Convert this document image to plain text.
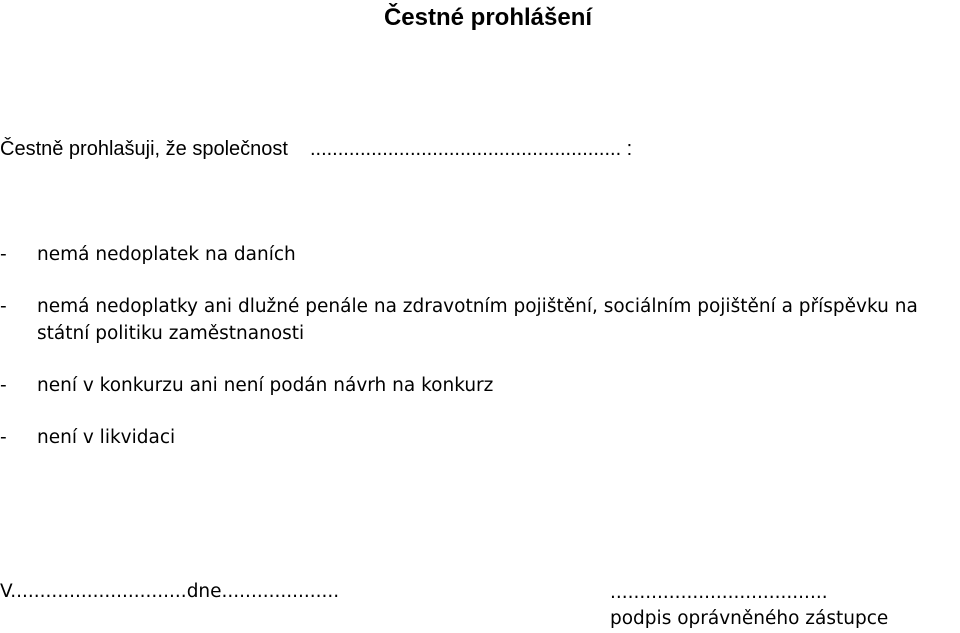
Čestné prohlášení
Čestně prohlašuji, že společnost ........................................................ :
- nemá nedoplatek na daních
- nemá nedoplatky ani dlužné penále na zdravotním pojištění, sociálním pojištění a příspěvku na státní politiku zaměstnanosti
- není v konkurzu ani není podán návrh na konkurz
- není v likvidaci
V..............................dne....................	.....................................
podpis oprávněného zástupce
